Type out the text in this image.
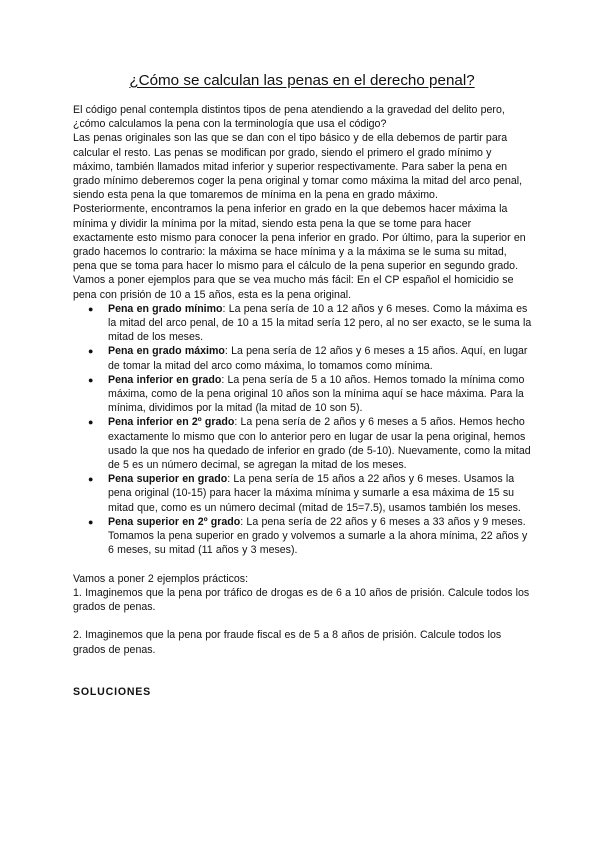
¿Cómo se calculan las penas en el derecho penal?

El código penal contempla distintos tipos de pena atendiendo a la gravedad del delito pero, ¿cómo calculamos la pena con la terminología que usa el código?

Las penas originales son las que se dan con el tipo básico y de ella debemos de partir para calcular el resto. Las penas se modifican por grado, siendo el primero el grado mínimo y máximo, también llamados mitad inferior y superior respectivamente. Para saber la pena en grado mínimo deberemos coger la pena original y tomar como máxima la mitad del arco penal, siendo esta pena la que tomaremos de mínima en la pena en grado máximo.

Posteriormente, encontramos la pena inferior en grado en la que debemos hacer máxima la mínima y dividir la mínima por la mitad, siendo esta pena la que se tome para hacer exactamente esto mismo para conocer la pena inferior en grado. Por último, para la superior en grado hacemos lo contrario: la máxima se hace mínima y a la máxima se le suma su mitad, pena que se toma para hacer lo mismo para el cálculo de la pena superior en segundo grado.

Vamos a poner ejemplos para que se vea mucho más fácil: En el CP español el homicidio se pena con prisión de 10 a 15 años, esta es la pena original.

● Pena en grado mínimo: La pena sería de 10 a 12 años y 6 meses. Como la máxima es la mitad del arco penal, de 10 a 15 la mitad sería 12 pero, al no ser exacto, se le suma la mitad de los meses.
● Pena en grado máximo: La pena sería de 12 años y 6 meses a 15 años. Aquí, en lugar de tomar la mitad del arco como máxima, lo tomamos como mínima.
● Pena inferior en grado: La pena sería de 5 a 10 años. Hemos tomado la mínima como máxima, como de la pena original 10 años son la mínima aquí se hace máxima. Para la mínima, dividimos por la mitad (la mitad de 10 son 5).
● Pena inferior en 2º grado: La pena sería de 2 años y 6 meses a 5 años. Hemos hecho exactamente lo mismo que con lo anterior pero en lugar de usar la pena original, hemos usado la que nos ha quedado de inferior en grado (de 5-10). Nuevamente, como la mitad de 5 es un número decimal, se agregan la mitad de los meses.
● Pena superior en grado: La pena sería de 15 años a 22 años y 6 meses. Usamos la pena original (10-15) para hacer la máxima mínima y sumarle a esa máxima de 15 su mitad que, como es un número decimal (mitad de 15=7.5), usamos también los meses.
● Pena superior en 2º grado: La pena sería de 22 años y 6 meses a 33 años y 9 meses. Tomamos la pena superior en grado y volvemos a sumarle a la ahora mínima, 22 años y 6 meses, su mitad (11 años y 3 meses).

Vamos a poner 2 ejemplos prácticos:

1. Imaginemos que la pena por tráfico de drogas es de 6 a 10 años de prisión. Calcule todos los grados de penas.

2. Imaginemos que la pena por fraude fiscal es de 5 a 8 años de prisión. Calcule todos los grados de penas.

SOLUCIONES
